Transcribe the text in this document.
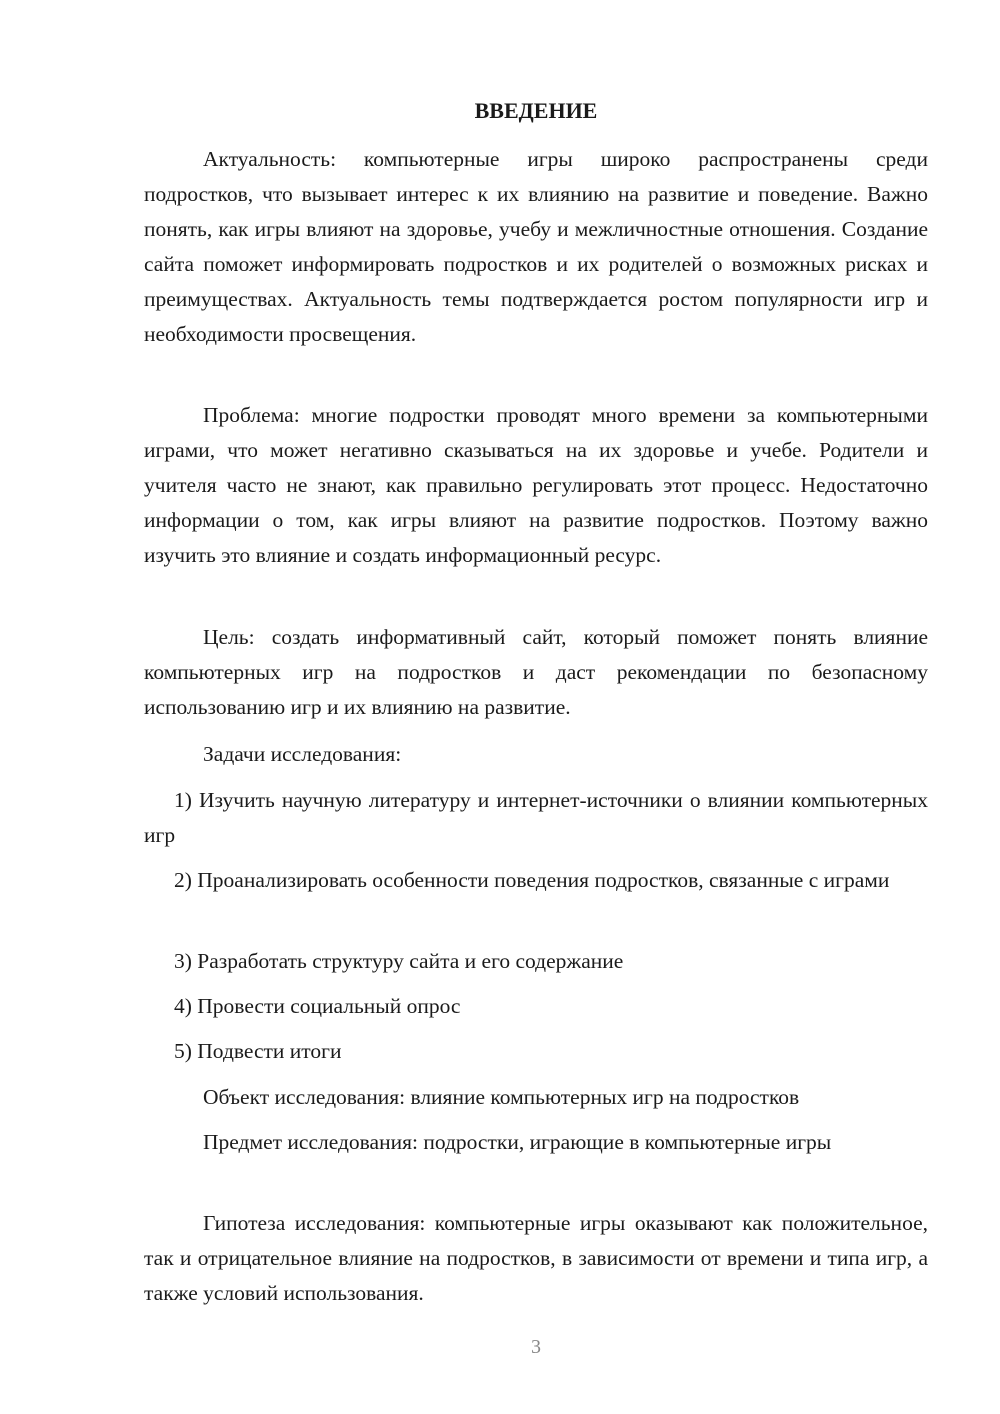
ВВЕДЕНИЕ

Актуальность: компьютерные игры широко распространены среди подростков, что вызывает интерес к их влиянию на развитие и поведение. Важно понять, как игры влияют на здоровье, учебу и межличностные отношения. Создание сайта поможет информировать подростков и их родителей о возможных рисках и преимуществах. Актуальность темы подтверждается ростом популярности игр и необходимости просвещения.

Проблема: многие подростки проводят много времени за компьютерными играми, что может негативно сказываться на их здоровье и учебе. Родители и учителя часто не знают, как правильно регулировать этот процесс. Недостаточно информации о том, как игры влияют на развитие подростков. Поэтому важно изучить это влияние и создать информационный ресурс.

Цель: создать информативный сайт, который поможет понять влияние компьютерных игр на подростков и даст рекомендации по безопасному использованию игр и их влиянию на развитие.

Задачи исследования:

1) Изучить научную литературу и интернет-источники о влиянии компьютерных игр

2) Проанализировать особенности поведения подростков, связанные с играми

3) Разработать структуру сайта и его содержание

4) Провести социальный опрос

5) Подвести итоги

Объект исследования: влияние компьютерных игр на подростков

Предмет исследования: подростки, играющие в компьютерные игры

Гипотеза исследования: компьютерные игры оказывают как положительное, так и отрицательное влияние на подростков, в зависимости от времени и типа игр, а также условий использования.

3
